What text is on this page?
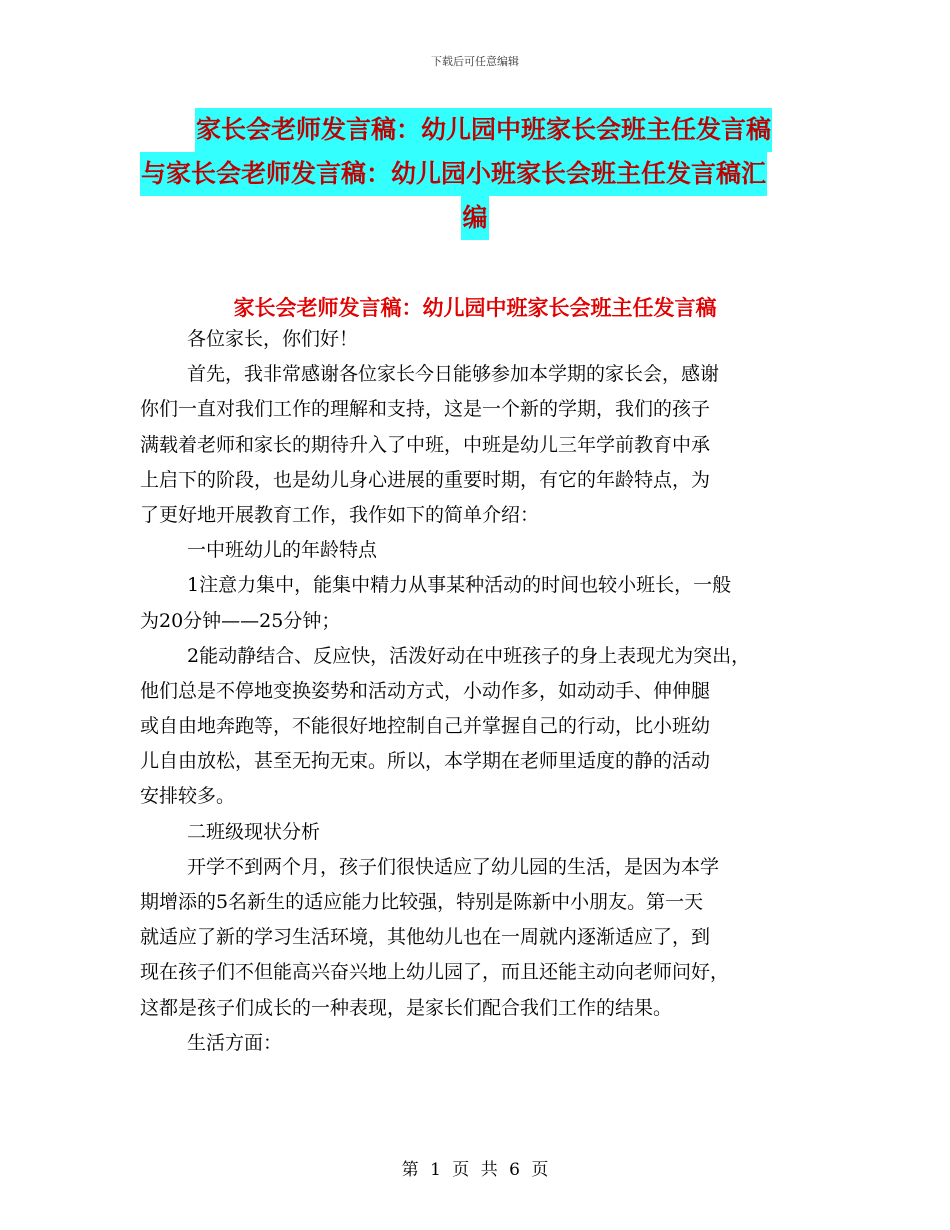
下载后可任意编辑
家长会老师发言稿：幼儿园中班家长会班主任发言稿
与家长会老师发言稿：幼儿园小班家长会班主任发言稿汇
编
家长会老师发言稿：幼儿园中班家长会班主任发言稿
各位家长，你们好！
首先，我非常感谢各位家长今日能够参加本学期的家长会，感谢
你们一直对我们工作的理解和支持，这是一个新的学期，我们的孩子
满载着老师和家长的期待升入了中班，中班是幼儿三年学前教育中承
上启下的阶段，也是幼儿身心进展的重要时期，有它的年龄特点，为
了更好地开展教育工作，我作如下的简单介绍：
一中班幼儿的年龄特点
1注意力集中，能集中精力从事某种活动的时间也较小班长，一般
为20分钟——25分钟；
2能动静结合、反应快，活泼好动在中班孩子的身上表现尤为突出，
他们总是不停地变换姿势和活动方式，小动作多，如动动手、伸伸腿
或自由地奔跑等，不能很好地控制自己并掌握自己的行动，比小班幼
儿自由放松，甚至无拘无束。所以，本学期在老师里适度的静的活动
安排较多。
二班级现状分析
开学不到两个月，孩子们很快适应了幼儿园的生活，是因为本学
期增添的5名新生的适应能力比较强，特别是陈新中小朋友。第一天
就适应了新的学习生活环境，其他幼儿也在一周就内逐渐适应了，到
现在孩子们不但能高兴奋兴地上幼儿园了，而且还能主动向老师问好，
这都是孩子们成长的一种表现，是家长们配合我们工作的结果。
生活方面：
第 1 页 共 6 页
